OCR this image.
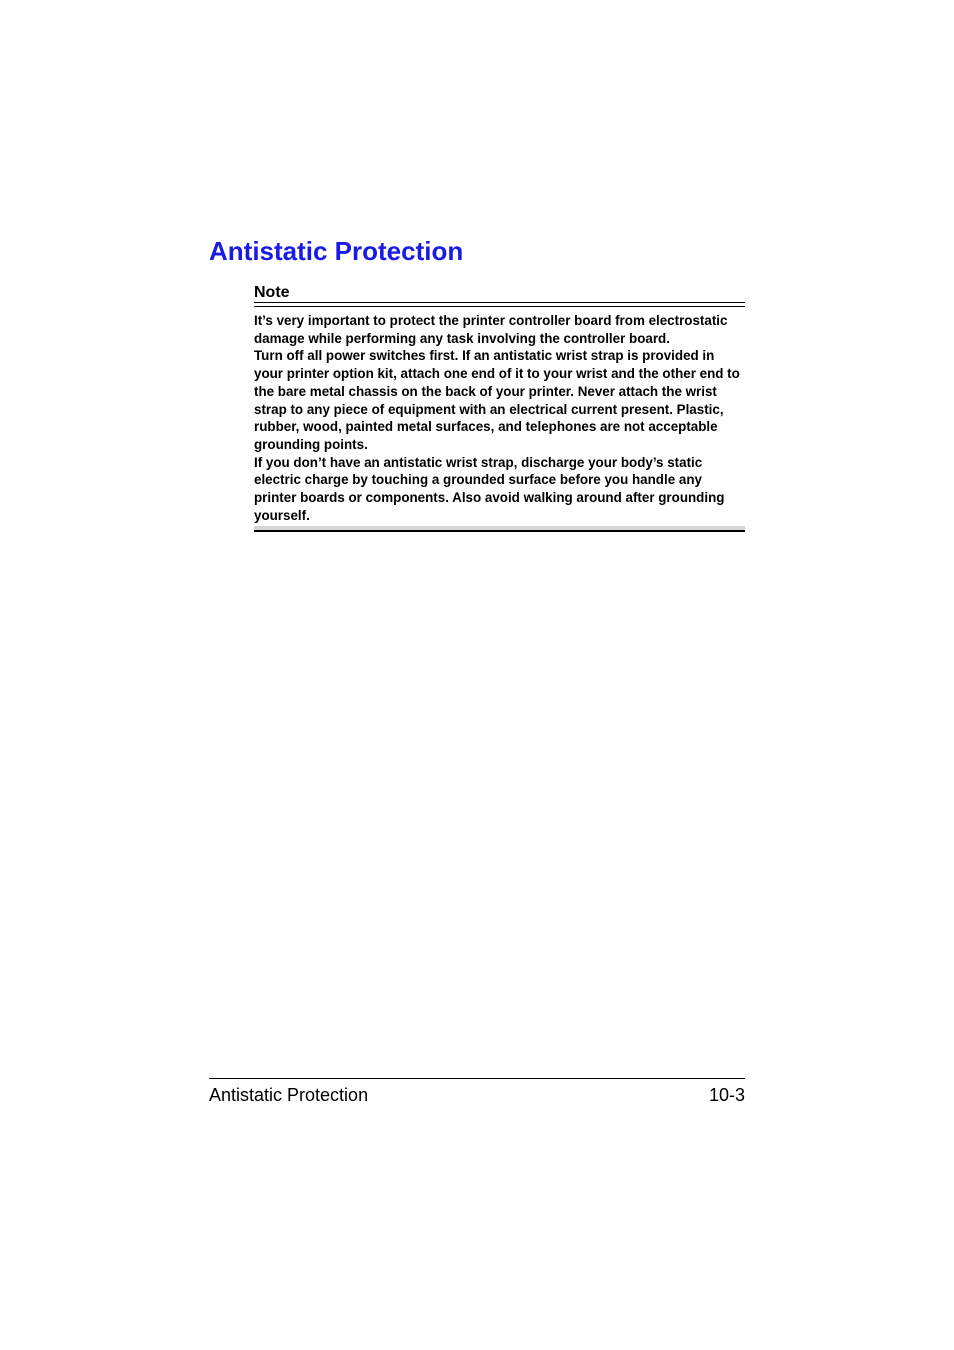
Antistatic Protection
Note

It’s very important to protect the printer controller board from electrostatic damage while performing any task involving the controller board.

Turn off all power switches first. If an antistatic wrist strap is provided in your printer option kit, attach one end of it to your wrist and the other end to the bare metal chassis on the back of your printer. Never attach the wrist strap to any piece of equipment with an electrical current present. Plastic, rubber, wood, painted metal surfaces, and telephones are not acceptable grounding points.

If you don’t have an antistatic wrist strap, discharge your body’s static electric charge by touching a grounded surface before you handle any printer boards or components. Also avoid walking around after grounding yourself.

Antistatic Protection	10-3
